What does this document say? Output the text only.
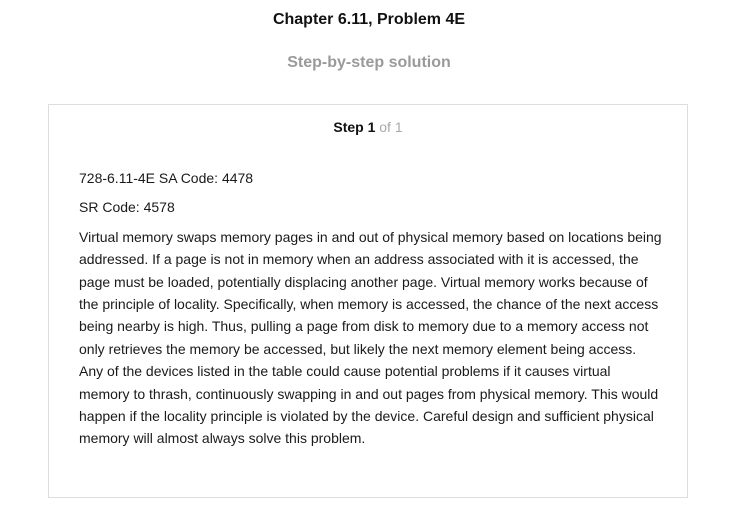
Chapter 6.11, Problem 4E
Step-by-step solution
Step 1 of 1

728-6.11-4E SA Code: 4478

SR Code: 4578

Virtual memory swaps memory pages in and out of physical memory based on locations being addressed. If a page is not in memory when an address associated with it is accessed, the page must be loaded, potentially displacing another page. Virtual memory works because of the principle of locality. Specifically, when memory is accessed, the chance of the next access being nearby is high. Thus, pulling a page from disk to memory due to a memory access not only retrieves the memory be accessed, but likely the next memory element being access. Any of the devices listed in the table could cause potential problems if it causes virtual memory to thrash, continuously swapping in and out pages from physical memory. This would happen if the locality principle is violated by the device. Careful design and sufficient physical memory will almost always solve this problem.
